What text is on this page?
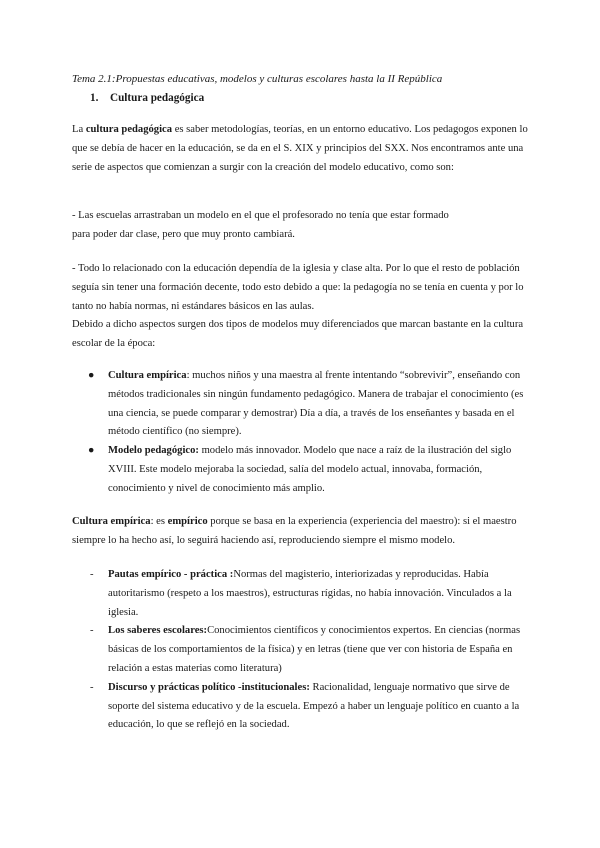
Tema 2.1:Propuestas educativas, modelos y culturas escolares hasta la II República
1. Cultura pedagógica
La cultura pedagógica es saber metodologías, teorías, en un entorno educativo. Los pedagogos exponen lo que se debía de hacer en la educación, se da en el S. XIX y principios del SXX. Nos encontramos ante una serie de aspectos que comienzan a surgir con la creación del modelo educativo, como son:
- Las escuelas arrastraban un modelo en el que el profesorado no tenía que estar formado
para poder dar clase, pero que muy pronto cambiará.
- Todo lo relacionado con la educación dependía de la iglesia y clase alta. Por lo que el resto de población seguía sin tener una formación decente, todo esto debido a que: la pedagogía no se tenía en cuenta y por lo tanto no había normas, ni estándares básicos en las aulas.
Debido a dicho aspectos surgen dos tipos de modelos muy diferenciados que marcan bastante en la cultura escolar de la época:
● Cultura empírica: muchos niños y una maestra al frente intentando “sobrevivir”, enseñando con métodos tradicionales sin ningún fundamento pedagógico. Manera de trabajar el conocimiento (es una ciencia, se puede comparar y demostrar) Día a día, a través de los enseñantes y basada en el método científico (no siempre).
● Modelo pedagógico: modelo más innovador. Modelo que nace a raíz de la ilustración del siglo XVIII. Este modelo mejoraba la sociedad, salía del modelo actual, innovaba, formación, conocimiento y nivel de conocimiento más amplio.
Cultura empírica: es empírico porque se basa en la experiencia (experiencia del maestro): si el maestro siempre lo ha hecho así, lo seguirá haciendo así, reproduciendo siempre el mismo modelo.
- Pautas empírico - práctica :Normas del magisterio, interiorizadas y reproducidas. Había autoritarismo (respeto a los maestros), estructuras rígidas, no había innovación. Vinculados a la iglesia.
- Los saberes escolares:Conocimientos científicos y conocimientos expertos. En ciencias (normas básicas de los comportamientos de la física) y en letras (tiene que ver con historia de España en relación a estas materias como literatura)
- Discurso y prácticas político -institucionales: Racionalidad, lenguaje normativo que sirve de soporte del sistema educativo y de la escuela. Empezó a haber un lenguaje político en cuanto a la educación, lo que se reflejó en la sociedad.
